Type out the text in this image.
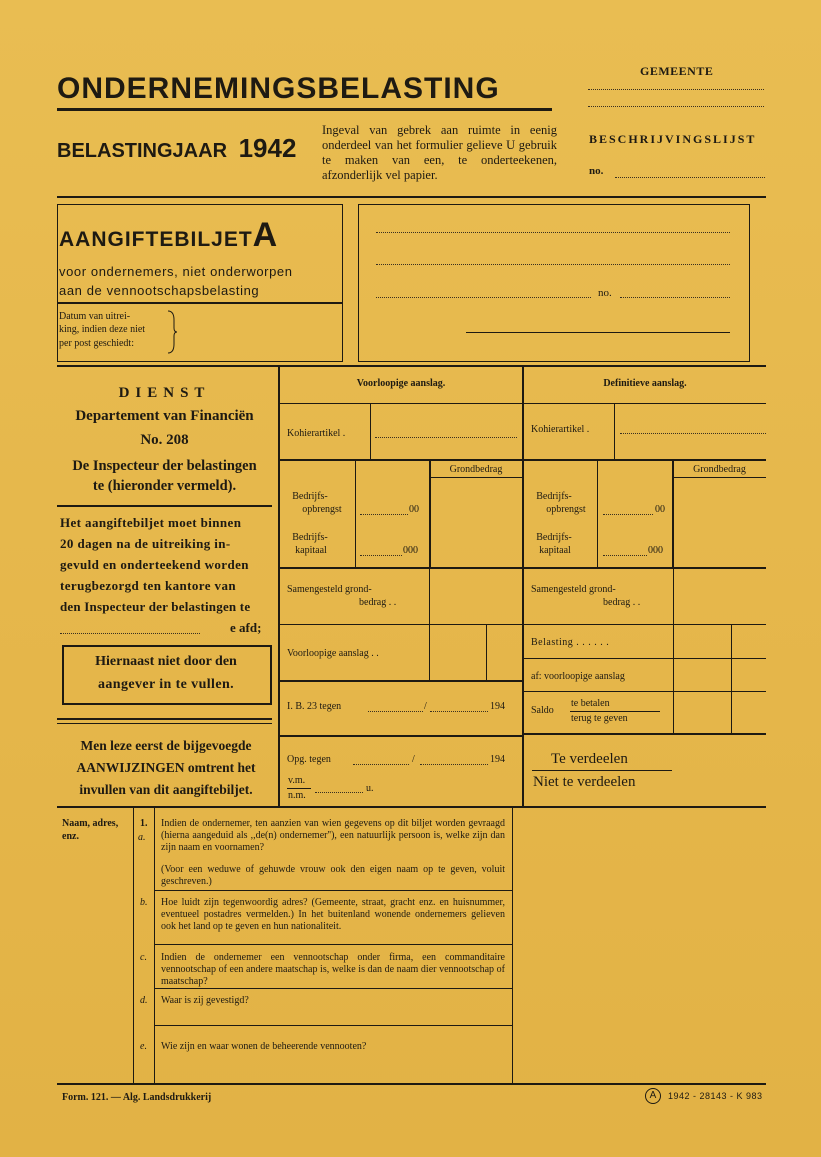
ONDERNEMINGSBELASTING
BELASTINGJAAR 1942
Ingeval van gebrek aan ruimte in eenig onderdeel van het formulier gelieve U gebruik te maken van een, te onderteekenen, afzonderlijk vel papier.
GEMEENTE
BESCHRIJVINGSLIJST
no.
AANGIFTEBILJETA
voor ondernemers, niet onderworpen
aan de vennootschapsbelasting
Datum van uitrei-
king, indien deze niet
per post geschiedt:
no.
DIENST
Departement van Financiën
No. 208
De Inspecteur der belastingen
te (hieronder vermeld).
Het aangiftebiljet moet binnen
20 dagen na de uitreiking in-
gevuld en onderteekend worden
terugbezorgd ten kantore van
den Inspecteur der belastingen te
e afd;
Hiernaast niet door den
aangever in te vullen.
Men leze eerst de bijgevoegde
AANWIJZINGEN omtrent het
invullen van dit aangiftebiljet.
Voorloopige aanslag.
Kohierartikel .
Grondbedrag
Bedrijfs-
opbrengst	00
Bedrijfs-
kapitaal	000
Samengesteld grond-
bedrag . .
Voorloopige aanslag . .
I. B. 23 tegen	/	194
Opg. tegen	/	194
v.m.
n.m.
u.
Definitieve aanslag.
Kohierartikel .
Grondbedrag
Bedrijfs-
opbrengst	00
Bedrijfs-
kapitaal	000
Samengesteld grond-
bedrag . .
Belasting . . . . . .
af: voorloopige aanslag
Saldo
te betalen
terug te geven
Te verdeelen
Niet te verdeelen
Naam, adres,
enz.
1.
a.
Indien de ondernemer, ten aanzien van wien gegevens op dit biljet worden gevraagd (hierna aangeduid als ,,de(n) ondernemer''), een natuurlijk persoon is, welke zijn dan zijn naam en voornamen?
(Voor een weduwe of gehuwde vrouw ook den eigen naam op te geven, voluit geschreven.)
b. Hoe luidt zijn tegenwoordig adres? (Gemeente, straat, gracht enz. en huisnummer, eventueel postadres vermelden.) In het buitenland wonende ondernemers gelieven ook het land op te geven en hun nationaliteit.
c. Indien de ondernemer een vennootschap onder firma, een commanditaire vennootschap of een andere maatschap is, welke is dan de naam dier vennootschap of maatschap?
d. Waar is zij gevestigd?
e. Wie zijn en waar wonen de beheerende vennooten?
Form. 121. — Alg. Landsdrukkerij	A	1942 - 28143 - K 983
